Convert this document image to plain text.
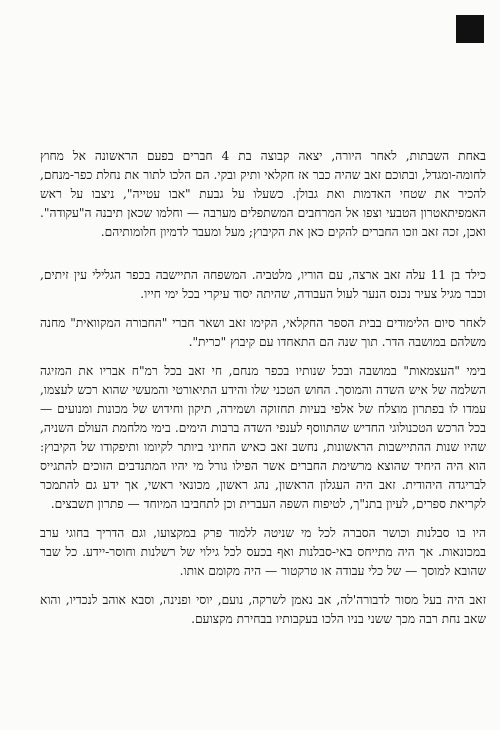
באחת השבתות, לאחר היורה, יצאה קבוצה בת 4 חברים בפעם הראשונה אל מחוץ לחומה-ומגדל, ובתוכם זאב שהיה כבר אז חקלאי ותיק ובקי. הם הלכו לתור את נחלת כפר-מנחם, להכיר את שטחי האדמות ואת גבולן. כשעלו על גבעת "אבו עטייה", ניצבו על ראש האמפיתאטרון הטבעי וצפו אל המרחבים המשתפלים מערבה — וחלמו שכאן תיבנה ה"עקודה". ואכן, זכה זאב וזכו החברים להקים כאן את הקיבוץ; מעל ומעבר לדמיון חלומותיהם.

כילד בן 11 עלה זאב ארצה, עם הוריו, מלטביה. המשפחה התיישבה בכפר הגלילי עין זיתים, וכבר מגיל צעיר נכנס הנער לעול העבודה, שהיתה יסוד עיקרי בכל ימי חייו.

לאחר סיום הלימודים בבית הספר החקלאי, הקימו זאב ושאר חברי "החבורה המקוואית" מחנה משלהם במושבה הדר. תוך שנה הם התאחדו עם קיבוץ "כרית".

בימי "העצמאות" במושבה ובכל שנותיו בכפר מנחם, חי זאב בכל רמ"ח אבריו את המזיגה השלמה של איש השדה והמוסך. החוש הטכני שלו והידע התיאורטי והמעשי שהוא רכש לעצמו, עמדו לו בפתרון מוצלח של אלפי בעיות תחזוקה ושמירה, תיקון וחידוש של מכונות ומנועים — בכל הרכש הטכנולוגי החדיש שהתווסף לענפי השדה ברבות הימים. בימי מלחמת העולם השניה, שהיו שנות ההתיישבות הראשונות, נחשב זאב כאיש החיוני ביותר לקיומו ותיפקודו של הקיבוץ: הוא היה היחיד שהוצא מרשימת החברים אשר הפילו גורל מי יהיו המתנדבים הזוכים להתגייס לבריגדה היהודית. זאב היה העגלון הראשון, נהג ראשון, מכונאי ראשי, אך ידע גם להתמכר לקריאת ספרים, לעיון בתנ"ך, לטיפוח השפה העברית וכן לתחביבו המיוחד — פתרון תשבצים.

היו בו סבלנות וכושר הסברה לכל מי שניטה ללמוד פרק במקצועו, וגם הדריך בחוגי ערב במכונאות. אך היה מתייחס באי-סבלנות ואף בכעס לכל גילוי של רשלנות וחוסר-יידע. כל שבר שהובא למוסך — של כלי עבודה או טרקטור — היה מקומם אותו.

זאב היה בעל מסור לדבורה'לה, אב נאמן לשרקה, נועם, יוסי ופנינה, וסבא אוהב לנכדיו, והוא שאב נחת רבה מכך ששני בניו הלכו בעקבותיו בבחירת מקצועם.
